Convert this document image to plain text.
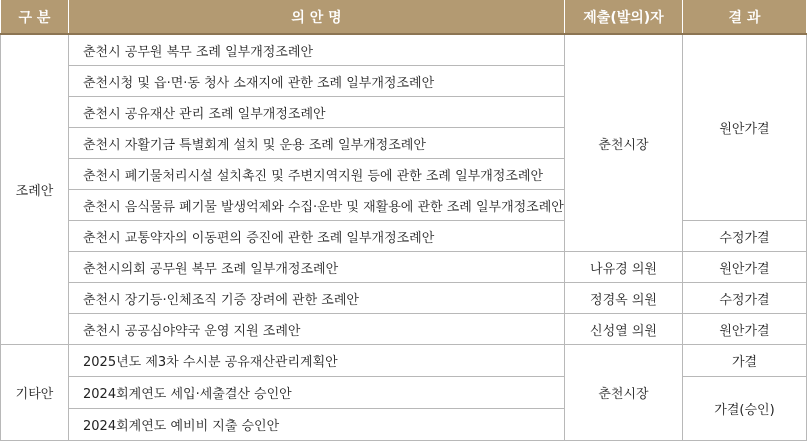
구 분	의 안 명	제출(발의)자	결 과
조례안	춘천시 공무원 복무 조례 일부개정조례안	춘천시장	원안가결
	춘천시청 및 읍·면·동 청사 소재지에 관한 조례 일부개정조례안		
	춘천시 공유재산 관리 조례 일부개정조례안		
	춘천시 자활기금 특별회계 설치 및 운용 조례 일부개정조례안		
	춘천시 폐기물처리시설 설치촉진 및 주변지역지원 등에 관한 조례 일부개정조례안		
	춘천시 음식물류 폐기물 발생억제와 수집·운반 및 재활용에 관한 조례 일부개정조례안		
	춘천시 교통약자의 이동편의 증진에 관한 조례 일부개정조례안		수정가결
	춘천시의회 공무원 복무 조례 일부개정조례안	나유경 의원	원안가결
	춘천시 장기등·인체조직 기증 장려에 관한 조례안	정경옥 의원	수정가결
	춘천시 공공심야약국 운영 지원 조례안	신성열 의원	원안가결
기타안	2025년도 제3차 수시분 공유재산관리계획안	춘천시장	가결
	2024회계연도 세입·세출결산 승인안		가결(승인)
	2024회계연도 예비비 지출 승인안		
